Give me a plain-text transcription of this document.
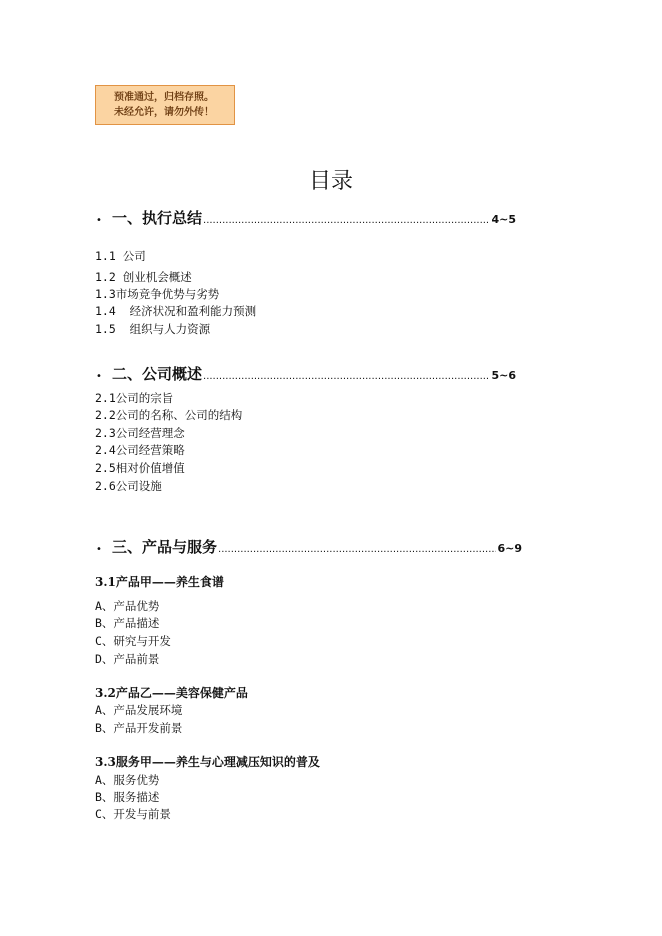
预准通过，归档存照。
未经允许，请勿外传！
目录
• 一、执行总结 .....	4~5
1.1 公司
1.2 创业机会概述
1.3市场竞争优势与劣势
1.4  经济状况和盈利能力预测
1.5  组织与人力资源
• 二、公司概述 .....	5~6
2.1公司的宗旨
2.2公司的名称、公司的结构
2.3公司经营理念
2.4公司经营策略
2.5相对价值增值
2.6公司设施
• 三、产品与服务 .....	6~9
3.1产品甲——养生食谱
A、产品优势
B、产品描述
C、研究与开发
D、产品前景
3.2产品乙——美容保健产品
A、产品发展环境
B、产品开发前景
3.3服务甲——养生与心理减压知识的普及
A、服务优势
B、服务描述
C、开发与前景
